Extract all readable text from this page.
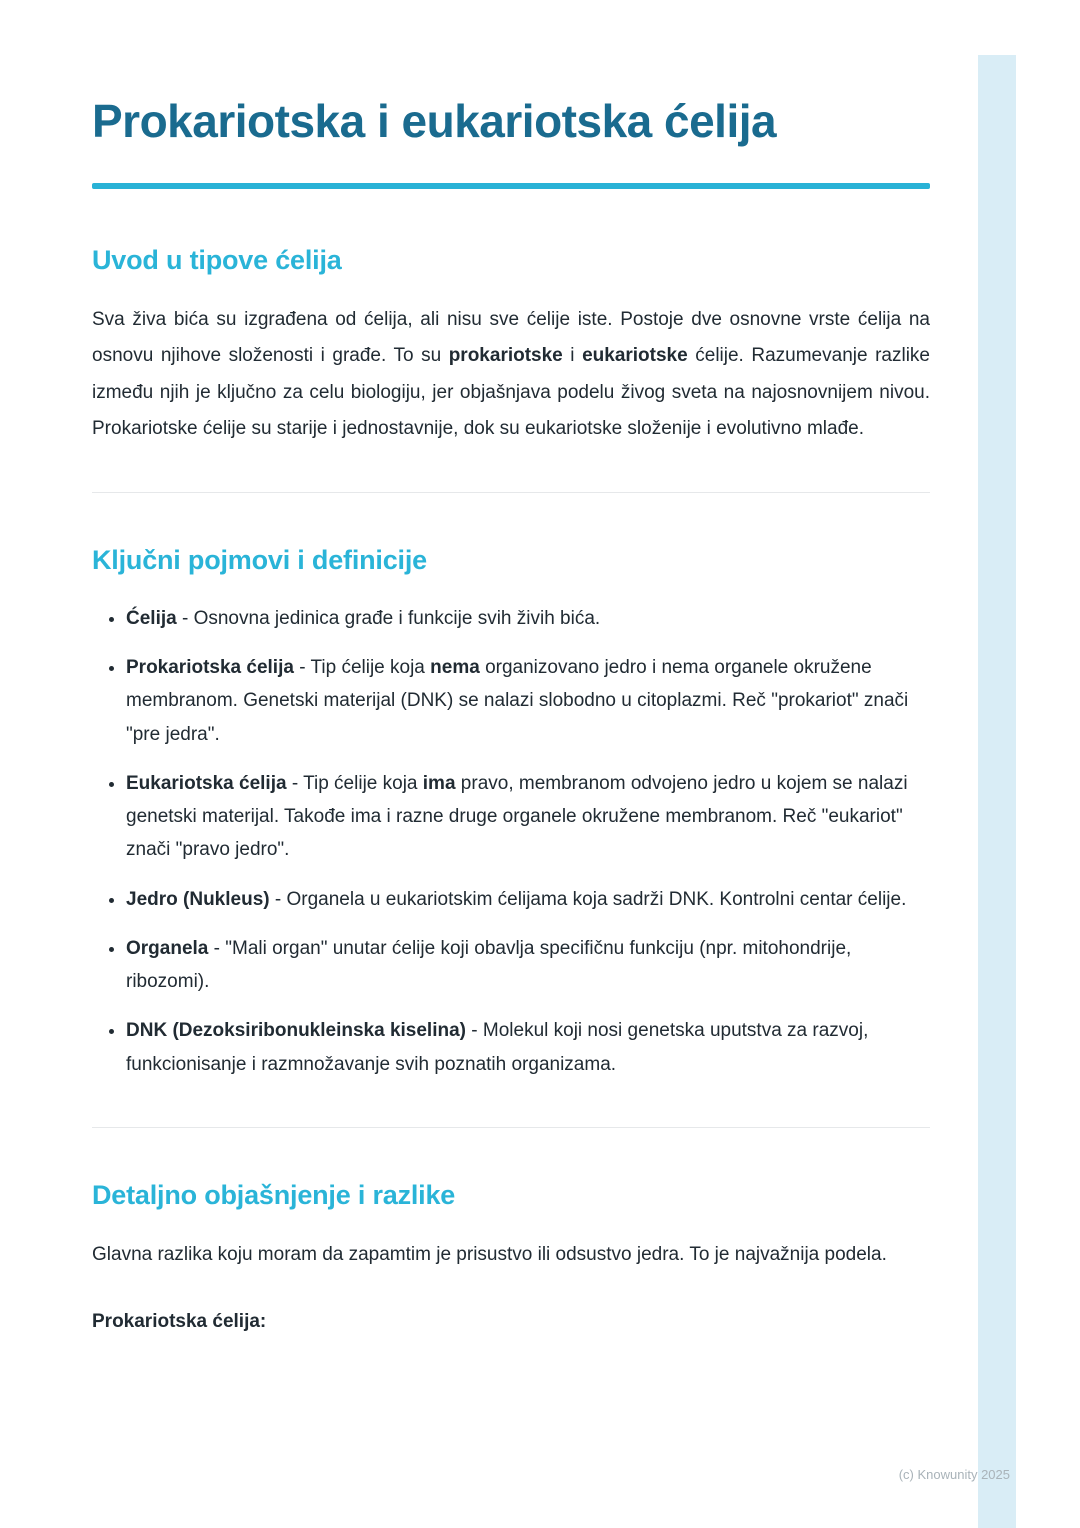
Prokariotska i eukariotska ćelija
Uvod u tipove ćelija

Sva živa bića su izgrađena od ćelija, ali nisu sve ćelije iste. Postoje dve osnovne vrste ćelija na osnovu njihove složenosti i građe. To su prokariotske i eukariotske ćelije. Razumevanje razlike između njih je ključno za celu biologiju, jer objašnjava podelu živog sveta na najosnovnijem nivou. Prokariotske ćelije su starije i jednostavnije, dok su eukariotske složenije i evolutivno mlađe.

Ključni pojmovi i definicije
• Ćelija - Osnovna jedinica građe i funkcije svih živih bića.
• Prokariotska ćelija - Tip ćelije koja nema organizovano jedro i nema organele okružene membranom. Genetski materijal (DNK) se nalazi slobodno u citoplazmi. Reč "prokariot" znači "pre jedra".
• Eukariotska ćelija - Tip ćelije koja ima pravo, membranom odvojeno jedro u kojem se nalazi genetski materijal. Takođe ima i razne druge organele okružene membranom. Reč "eukariot" znači "pravo jedro".
• Jedro (Nukleus) - Organela u eukariotskim ćelijama koja sadrži DNK. Kontrolni centar ćelije.
• Organela - "Mali organ" unutar ćelije koji obavlja specifičnu funkciju (npr. mitohondrije, ribozomi).
• DNK (Dezoksiribonukleinska kiselina) - Molekul koji nosi genetska uputstva za razvoj, funkcionisanje i razmnožavanje svih poznatih organizama.
Detaljno objašnjenje i razlike

Glavna razlika koju moram da zapamtim je prisustvo ili odsustvo jedra. To je najvažnija podela.

Prokariotska ćelija:

(c) Knowunity 2025
